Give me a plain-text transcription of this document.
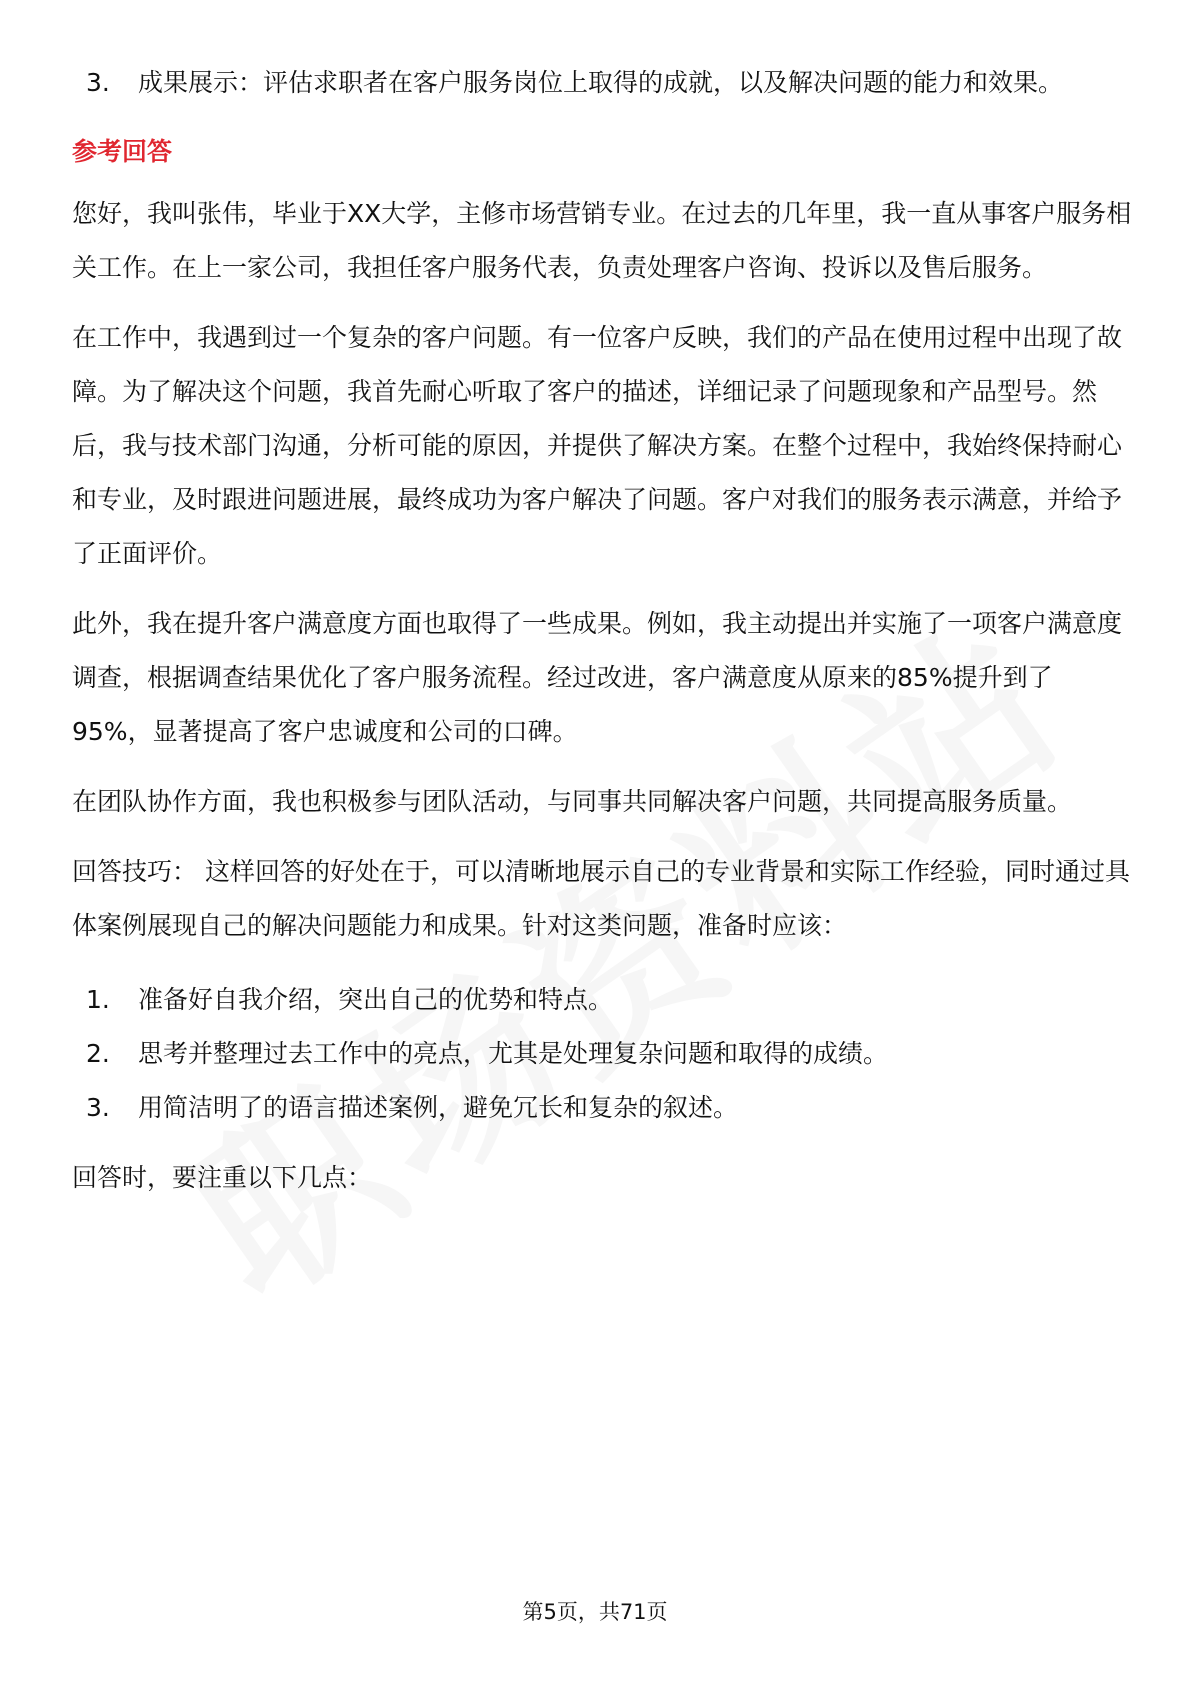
3.	成果展示：评估求职者在客户服务岗位上取得的成就，以及解决问题的能力和效果。
参考回答
您好，我叫张伟，毕业于XX大学，主修市场营销专业。在过去的几年里，我一直从事客户服务相关工作。在上一家公司，我担任客户服务代表，负责处理客户咨询、投诉以及售后服务。
在工作中，我遇到过一个复杂的客户问题。有一位客户反映，我们的产品在使用过程中出现了故障。为了解决这个问题，我首先耐心听取了客户的描述，详细记录了问题现象和产品型号。然后，我与技术部门沟通，分析可能的原因，并提供了解决方案。在整个过程中，我始终保持耐心和专业，及时跟进问题进展，最终成功为客户解决了问题。客户对我们的服务表示满意，并给予了正面评价。
此外，我在提升客户满意度方面也取得了一些成果。例如，我主动提出并实施了一项客户满意度调查，根据调查结果优化了客户服务流程。经过改进，客户满意度从原来的85%提升到了95%，显著提高了客户忠诚度和公司的口碑。
在团队协作方面，我也积极参与团队活动，与同事共同解决客户问题，共同提高服务质量。
回答技巧： 这样回答的好处在于，可以清晰地展示自己的专业背景和实际工作经验，同时通过具体案例展现自己的解决问题能力和成果。针对这类问题，准备时应该：
1.	准备好自我介绍，突出自己的优势和特点。
2.	思考并整理过去工作中的亮点，尤其是处理复杂问题和取得的成绩。
3.	用简洁明了的语言描述案例，避免冗长和复杂的叙述。
回答时，要注重以下几点：
第5页，共71页
